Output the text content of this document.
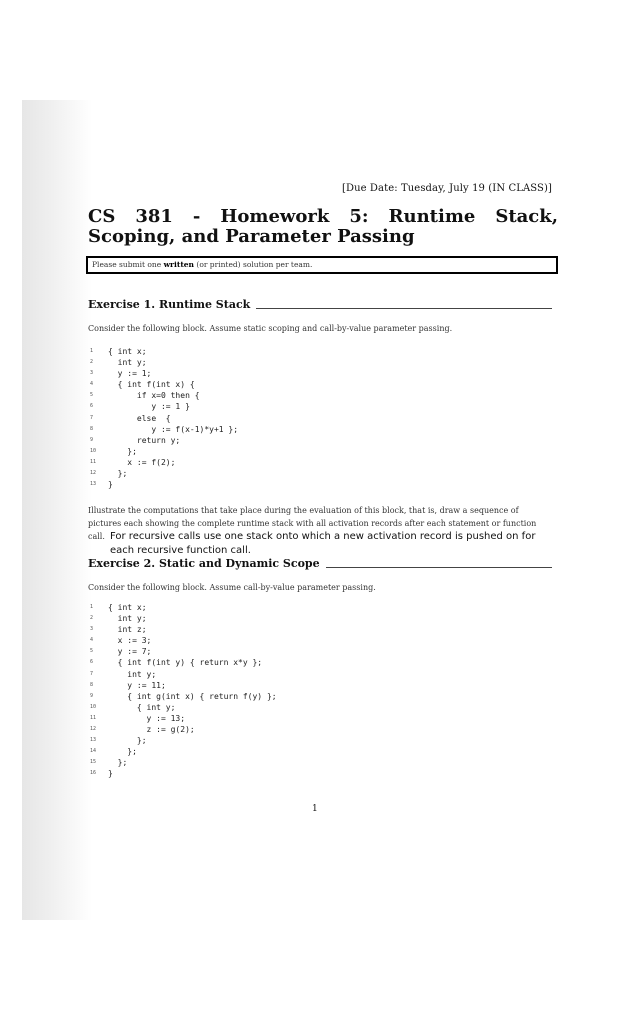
[Due Date: Tuesday, July 19 (IN CLASS)]
CS 381 - Homework 5: Runtime Stack, Scoping, and Parameter Passing
Please submit one written (or printed) solution per team.
Exercise 1. Runtime Stack
Consider the following block. Assume static scoping and call-by-value parameter passing.
1	{ int x;
2	int y;
3	y := 1;
4	{ int f(int x) {
5	if x=0 then {
6	y := 1 }
7	else  {
8	y := f(x-1)*y+1 };
9	return y;
10	};
11	x := f(2);
12	};
13	}
Illustrate the computations that take place during the evaluation of this block, that is, draw a sequence of pictures each showing the complete runtime stack with all activation records after each statement or function call. For recursive calls use one stack onto which a new activation record is pushed on for each recursive function call.
Exercise 2. Static and Dynamic Scope
Consider the following block. Assume call-by-value parameter passing.
1	{ int x;
2	int y;
3	int z;
4	x := 3;
5	y := 7;
6	{ int f(int y) { return x*y };
7	int y;
8	y := 11;
9	{ int g(int x) { return f(y) };
10	{ int y;
11	y := 13;
12	z := g(2);
13	};
14	};
15	};
16	}
1
